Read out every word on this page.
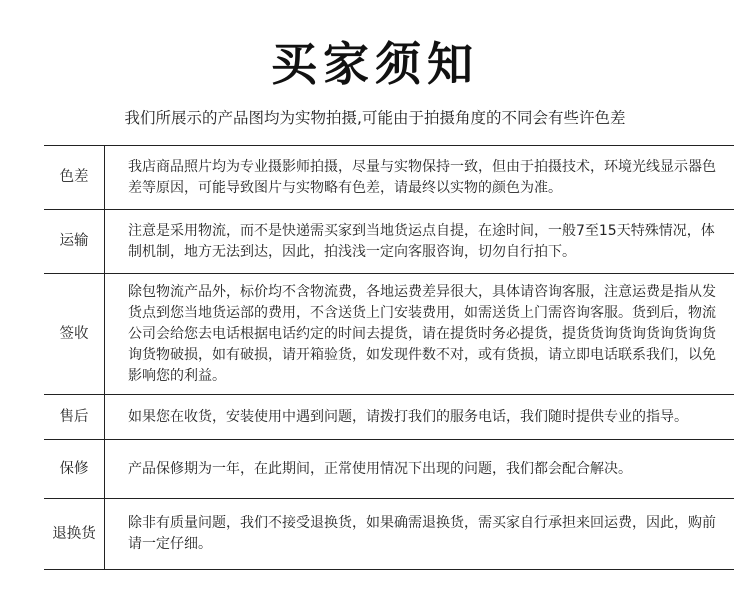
买家须知
我们所展示的产品图均为实物拍摄,可能由于拍摄角度的不同会有些许色差
色差	我店商品照片均为专业摄影师拍摄，尽量与实物保持一致，但由于拍摄技术，环境光线显示器色差等原因，可能导致图片与实物略有色差，请最终以实物的颜色为准。
运输	注意是采用物流，而不是快递需买家到当地货运点自提，在途时间，一般7至15天特殊情况，体制机制，地方无法到达，因此，拍浅浅一定向客服咨询，切勿自行拍下。
签收	除包物流产品外，标价均不含物流费，各地运费差异很大，具体请咨询客服，注意运费是指从发货点到您当地货运部的费用，不含送货上门安装费用，如需送货上门需咨询客服。货到后，物流公司会给您去电话根据电话约定的时间去提货，请在提货时务必提货，提货货询货询货询货询货询货物破损，如有破损，请开箱验货，如发现件数不对，或有货损，请立即电话联系我们，以免影响您的利益。
售后	如果您在收货，安装使用中遇到问题，请拨打我们的服务电话，我们随时提供专业的指导。
保修	产品保修期为一年，在此期间，正常使用情况下出现的问题，我们都会配合解决。
退换货	除非有质量问题，我们不接受退换货，如果确需退换货，需买家自行承担来回运费，因此，购前请一定仔细。
